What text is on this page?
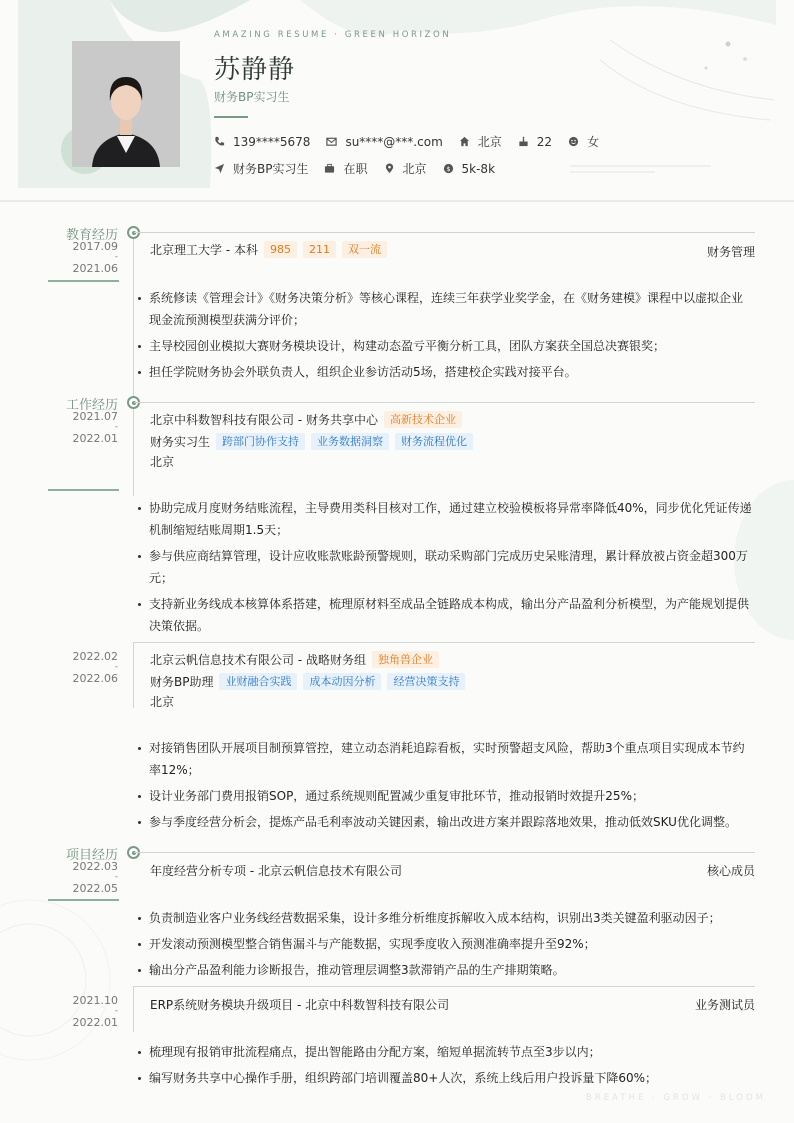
AMAZING RESUME · GREEN HORIZON
苏静静
财务BP实习生
139****5678	su****@***.com	北京	22	女
财务BP实习生	在职	北京	$ 5k-8k
教育经历
2017.09
-
2021.06
北京理工大学 - 本科	985	211	双一流	财务管理
系统修读《管理会计》《财务决策分析》等核心课程，连续三年获学业奖学金，在《财务建模》课程中以虚拟企业现金流预测模型获满分评价；
主导校园创业模拟大赛财务模块设计，构建动态盈亏平衡分析工具，团队方案获全国总决赛银奖；
担任学院财务协会外联负责人，组织企业参访活动5场，搭建校企实践对接平台。
工作经历
2021.07
-
2022.01
北京中科数智科技有限公司 - 财务共享中心	高新技术企业
财务实习生	跨部门协作支持	业务数据洞察	财务流程优化
北京
协助完成月度财务结账流程，主导费用类科目核对工作，通过建立校验模板将异常率降低40%，同步优化凭证传递机制缩短结账周期1.5天；
参与供应商结算管理，设计应收账款账龄预警规则，联动采购部门完成历史呆账清理，累计释放被占资金超300万元；
支持新业务线成本核算体系搭建，梳理原材料至成品全链路成本构成，输出分产品盈利分析模型，为产能规划提供决策依据。
2022.02
-
2022.06
北京云帆信息技术有限公司 - 战略财务组	独角兽企业
财务BP助理	业财融合实践	成本动因分析	经营决策支持
北京
对接销售团队开展项目制预算管控，建立动态消耗追踪看板，实时预警超支风险，帮助3个重点项目实现成本节约率12%；
设计业务部门费用报销SOP，通过系统规则配置减少重复审批环节，推动报销时效提升25%；
参与季度经营分析会，提炼产品毛利率波动关键因素，输出改进方案并跟踪落地效果，推动低效SKU优化调整。
项目经历
2022.03
-
2022.05
年度经营分析专项 - 北京云帆信息技术有限公司	核心成员
负责制造业客户业务线经营数据采集，设计多维分析维度拆解收入成本结构，识别出3类关键盈利驱动因子；
开发滚动预测模型整合销售漏斗与产能数据，实现季度收入预测准确率提升至92%；
输出分产品盈利能力诊断报告，推动管理层调整3款滞销产品的生产排期策略。
2021.10
-
2022.01
ERP系统财务模块升级项目 - 北京中科数智科技有限公司	业务测试员
梳理现有报销审批流程痛点，提出智能路由分配方案，缩短单据流转节点至3步以内；
编写财务共享中心操作手册，组织跨部门培训覆盖80+人次，系统上线后用户投诉量下降60%；
BREATHE · GROW · BLOOM
